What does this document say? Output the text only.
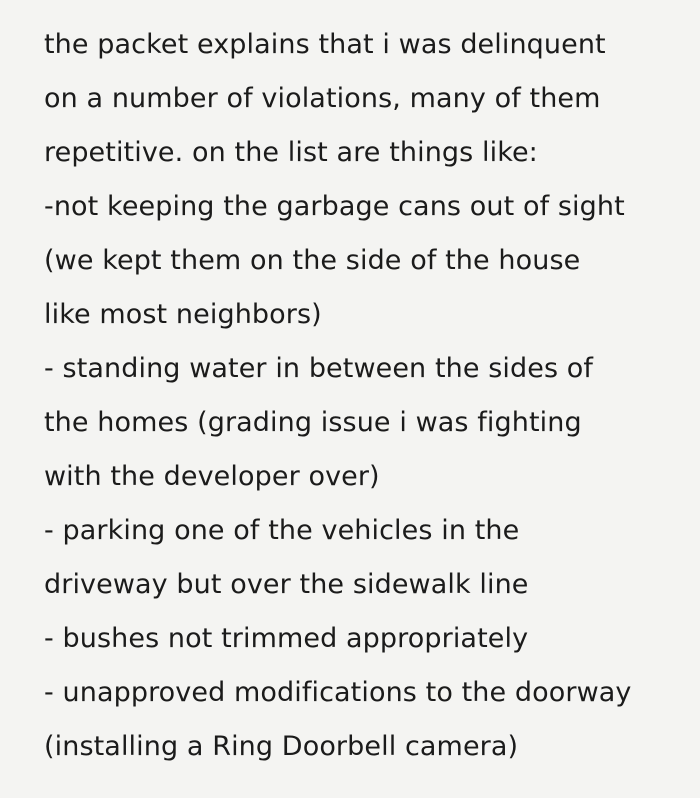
the packet explains that i was delinquent
on a number of violations, many of them
repetitive. on the list are things like:
-not keeping the garbage cans out of sight
(we kept them on the side of the house
like most neighbors)
- standing water in between the sides of
the homes (grading issue i was fighting
with the developer over)
- parking one of the vehicles in the
driveway but over the sidewalk line
- bushes not trimmed appropriately
- unapproved modifications to the doorway
(installing a Ring Doorbell camera)
